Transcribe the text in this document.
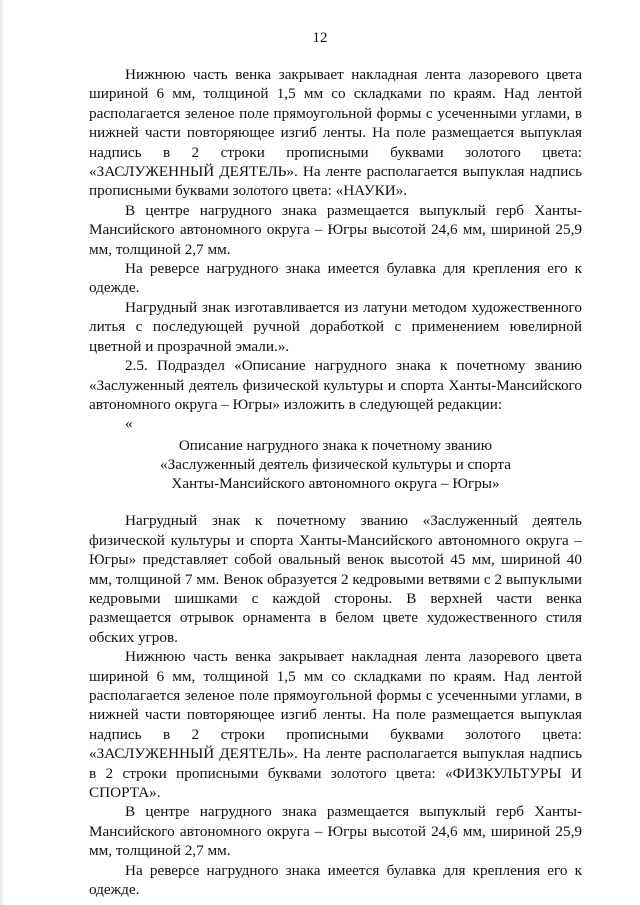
12

Нижнюю часть венка закрывает накладная лента лазоревого цвета шириной 6 мм, толщиной 1,5 мм со складками по краям. Над лентой располагается зеленое поле прямоугольной формы с усеченными углами, в нижней части повторяющее изгиб ленты. На поле размещается выпуклая надпись в 2 строки прописными буквами золотого цвета: «ЗАСЛУЖЕННЫЙ ДЕЯТЕЛЬ». На ленте располагается выпуклая надпись прописными буквами золотого цвета: «НАУКИ».

В центре нагрудного знака размещается выпуклый герб Ханты-Мансийского автономного округа – Югры высотой 24,6 мм, шириной 25,9 мм, толщиной 2,7 мм.

На реверсе нагрудного знака имеется булавка для крепления его к одежде.

Нагрудный знак изготавливается из латуни методом художественного литья с последующей ручной доработкой с применением ювелирной цветной и прозрачной эмали.».

2.5. Подраздел «Описание нагрудного знака к почетному званию «Заслуженный деятель физической культуры и спорта Ханты-Мансийского автономного округа – Югры» изложить в следующей редакции:

«

Описание нагрудного знака к почетному званию
«Заслуженный деятель физической культуры и спорта
Ханты-Мансийского автономного округа – Югры»

Нагрудный знак к почетному званию «Заслуженный деятель физической культуры и спорта Ханты-Мансийского автономного округа – Югры» представляет собой овальный венок высотой 45 мм, шириной 40 мм, толщиной 7 мм. Венок образуется 2 кедровыми ветвями с 2 выпуклыми кедровыми шишками с каждой стороны. В верхней части венка размещается отрывок орнамента в белом цвете художественного стиля обских угров.

Нижнюю часть венка закрывает накладная лента лазоревого цвета шириной 6 мм, толщиной 1,5 мм со складками по краям. Над лентой располагается зеленое поле прямоугольной формы с усеченными углами, в нижней части повторяющее изгиб ленты. На поле размещается выпуклая надпись в 2 строки прописными буквами золотого цвета: «ЗАСЛУЖЕННЫЙ ДЕЯТЕЛЬ». На ленте располагается выпуклая надпись в 2 строки прописными буквами золотого цвета: «ФИЗКУЛЬТУРЫ И СПОРТА».

В центре нагрудного знака размещается выпуклый герб Ханты-Мансийского автономного округа – Югры высотой 24,6 мм, шириной 25,9 мм, толщиной 2,7 мм.

На реверсе нагрудного знака имеется булавка для крепления его к одежде.
